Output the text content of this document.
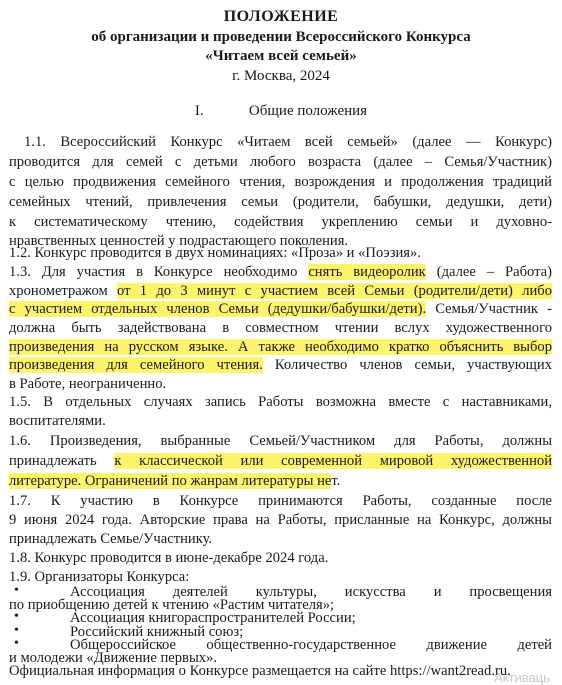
ПОЛОЖЕНИЕ
об организации и проведении Всероссийского Конкурса
«Читаем всей семьей»
г. Москва, 2024
I.	Общие положения
1.1. Всероссийский Конкурс «Читаем всей семьей» (далее — Конкурс)
проводится для семей с детьми любого возраста (далее – Семья/Участник)
с целью продвижения семейного чтения, возрождения и продолжения традиций
семейных чтений, привлечения семьи (родители, бабушки, дедушки, дети)
к систематическому чтению, содействия укреплению семьи и духовно-
нравственных ценностей у подрастающего поколения.
1.2. Конкурс проводится в двух номинациях: «Проза» и «Поэзия».
1.3. Для участия в Конкурсе необходимо снять видеоролик (далее – Работа)
хронометражом от 1 до 3 минут с участием всей Семьи (родители/дети) либо
с участием отдельных членов Семьи (дедушки/бабушки/дети). Семья/Участник -
должна быть задействована в совместном чтении вслух художественного
произведения на русском языке. А также необходимо кратко объяснить выбор
произведения для семейного чтения. Количество членов семьи, участвующих
в Работе, неограниченно.
1.5. В отдельных случаях запись Работы возможна вместе с наставниками,
воспитателями.
1.6. Произведения, выбранные Семьей/Участником для Работы, должны
принадлежать к классической или современной мировой художественной
литературе. Ограничений по жанрам литературы нет.
1.7. К участию в Конкурсе принимаются Работы, созданные после
9 июня 2024 года. Авторские права на Работы, присланные на Конкурс, должны
принадлежать Семье/Участнику.
1.8. Конкурс проводится в июне-декабре 2024 года.
1.9. Организаторы Конкурса:
•	Ассоциация деятелей культуры, искусства и просвещения
по приобщению детей к чтению «Растим читателя»;
•	Ассоциация книгораспространителей России;
•	Российский книжный союз;
•	Общероссийское общественно-государственное движение детей
и молодежи «Движение первых».
Официальная информация о Конкурсе размещается на сайте https://want2read.ru.
Активаць
